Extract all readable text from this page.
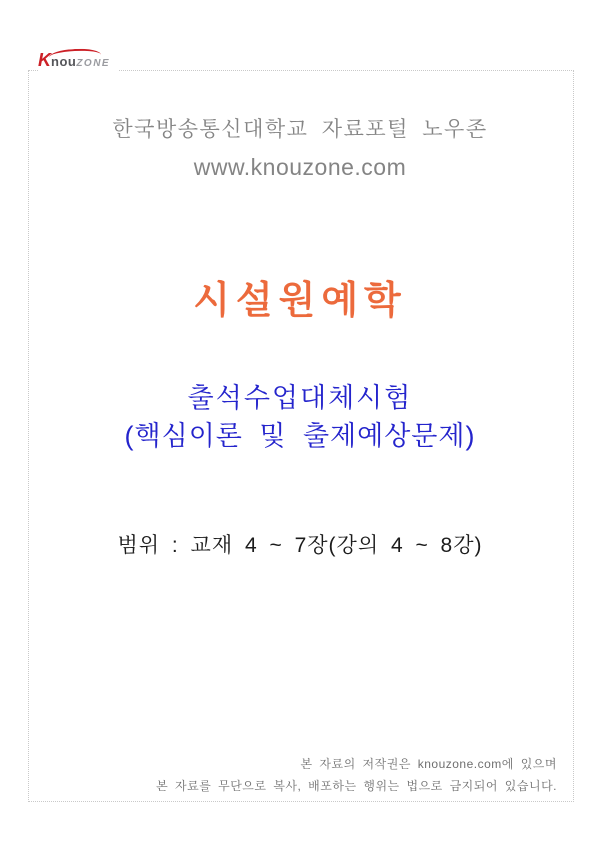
KnouZONE
한국방송통신대학교 자료포털 노우존
www.knouzone.com
시설원예학
출석수업대체시험
(핵심이론 및 출제예상문제)
범위 : 교재 4 ~ 7장(강의 4 ~ 8강)
본 자료의 저작권은 knouzone.com에 있으며
본 자료를 무단으로 복사, 배포하는 행위는 법으로 금지되어 있습니다.
